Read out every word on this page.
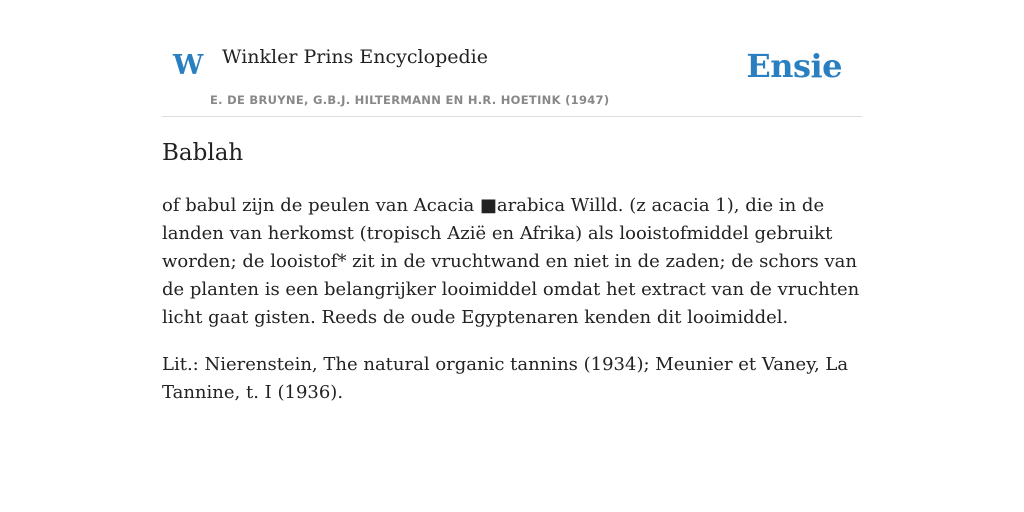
W Winkler Prins Encyclopedie
E. DE BRUYNE, G.B.J. HILTERMANN EN H.R. HOETINK (1947)
Ensie
Bablah

of babul zijn de peulen van Acacia ■arabica Willd. (z acacia 1), die in de landen van herkomst (tropisch Azië en Afrika) als looistofmiddel gebruikt worden; de looistof* zit in de vruchtwand en niet in de zaden; de schors van de planten is een belangrijker looimiddel omdat het extract van de vruchten licht gaat gisten. Reeds de oude Egyptenaren kenden dit looimiddel.

Lit.: Nierenstein, The natural organic tannins (1934); Meunier et Vaney, La Tannine, t. I (1936).
